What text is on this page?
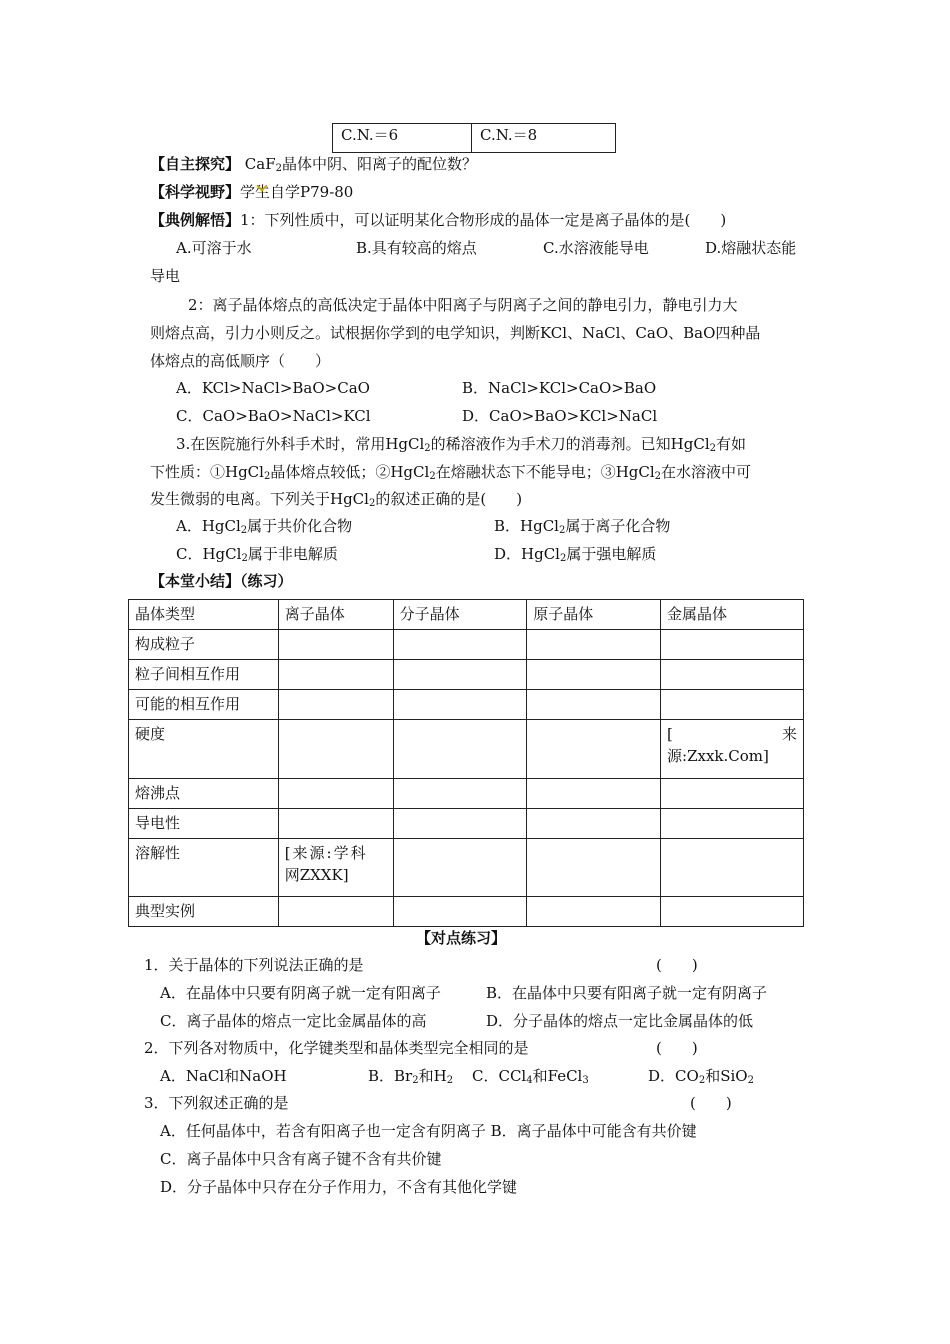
C.N.＝6	C.N.＝8
【自主探究】 CaF$_2$晶体中阴、阳离子的配位数？
【科学视野】学生自学P79-80
【典例解悟】1：下列性质中，可以证明某化合物形成的晶体一定是离子晶体的是(　　)
A.可溶于水	B.具有较高的熔点	C.水溶液能导电	D.熔融状态能
导电
2：离子晶体熔点的高低决定于晶体中阳离子与阴离子之间的静电引力，静电引力大
则熔点高，引力小则反之。试根据你学到的电学知识，判断KCl、NaCl、CaO、BaO四种晶
体熔点的高低顺序（　　）
A．KCl>NaCl>BaO>CaO	B．NaCl>KCl>CaO>BaO
C．CaO>BaO>NaCl>KCl	D．CaO>BaO>KCl>NaCl
3.在医院施行外科手术时，常用HgCl$_2$的稀溶液作为手术刀的消毒剂。已知HgCl$_2$有如
下性质：①HgCl$_2$晶体熔点较低；②HgCl$_2$在熔融状态下不能导电；③HgCl$_2$在水溶液中可
发生微弱的电离。下列关于HgCl$_2$的叙述正确的是(　　)
A．HgCl$_2$属于共价化合物	B．HgCl$_2$属于离子化合物
C．HgCl$_2$属于非电解质	D．HgCl$_2$属于强电解质
【本堂小结】（练习）
晶体类型	离子晶体	分子晶体	原子晶体	金属晶体
构成粒子				
粒子间相互作用				
可能的相互作用				
硬度				[ 来
源:Zxxk.Com]

熔沸点				
导电性				
溶解性	[来源:学科
网ZXXK]			

典型实例				
【对点练习】
1．关于晶体的下列说法正确的是	(　　)
A．在晶体中只要有阴离子就一定有阳离子	B．在晶体中只要有阳离子就一定有阴离子
C．离子晶体的熔点一定比金属晶体的高	D．分子晶体的熔点一定比金属晶体的低
2．下列各对物质中，化学键类型和晶体类型完全相同的是	(　　)
A．NaCl和NaOH	B．$Br_2$和$H_2$ C．CCl$_4$和FeCl$_3$	D．$CO_2$和SiO$_2$
3．下列叙述正确的是	(　　)
A．任何晶体中，若含有阳离子也一定含有阴离子 B．离子晶体中可能含有共价键
C．离子晶体中只含有离子键不含有共价键
D．分子晶体中只存在分子作用力，不含有其他化学键
